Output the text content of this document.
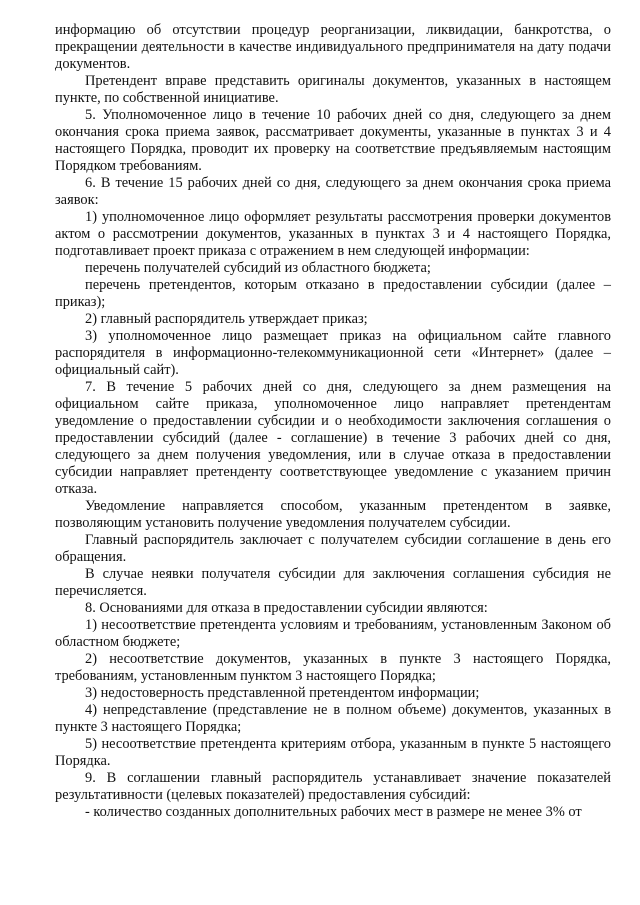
информацию об отсутствии процедур реорганизации, ликвидации, банкротства, о прекращении деятельности в качестве индивидуального предпринимателя на дату подачи документов.

Претендент вправе представить оригиналы документов, указанных в настоящем пункте, по собственной инициативе.

5. Уполномоченное лицо в течение 10 рабочих дней со дня, следующего за днем окончания срока приема заявок, рассматривает документы, указанные в пунктах 3 и 4 настоящего Порядка, проводит их проверку на соответствие предъявляемым настоящим Порядком требованиям.

6. В течение 15 рабочих дней со дня, следующего за днем окончания срока приема заявок:

1) уполномоченное лицо оформляет результаты рассмотрения проверки документов актом о рассмотрении документов, указанных в пунктах 3 и 4 настоящего Порядка, подготавливает проект приказа с отражением в нем следующей информации:

перечень получателей субсидий из областного бюджета;

перечень претендентов, которым отказано в предоставлении субсидии (далее – приказ);

2) главный распорядитель утверждает приказ;

3) уполномоченное лицо размещает приказ на официальном сайте главного распорядителя в информационно-телекоммуникационной сети «Интернет» (далее – официальный сайт).

7. В течение 5 рабочих дней со дня, следующего за днем размещения на официальном сайте приказа, уполномоченное лицо направляет претендентам уведомление о предоставлении субсидии и о необходимости заключения соглашения о предоставлении субсидий (далее - соглашение) в течение 3 рабочих дней со дня, следующего за днем получения уведомления, или в случае отказа в предоставлении субсидии направляет претенденту соответствующее уведомление с указанием причин отказа.

Уведомление направляется способом, указанным претендентом в заявке, позволяющим установить получение уведомления получателем субсидии.

Главный распорядитель заключает с получателем субсидии соглашение в день его обращения.

В случае неявки получателя субсидии для заключения соглашения субсидия не перечисляется.

8. Основаниями для отказа в предоставлении субсидии являются:

1) несоответствие претендента условиям и требованиям, установленным Законом об областном бюджете;

2) несоответствие документов, указанных в пункте 3 настоящего Порядка, требованиям, установленным пунктом 3 настоящего Порядка;

3) недостоверность представленной претендентом информации;

4) непредставление (представление не в полном объеме) документов, указанных в пункте 3 настоящего Порядка;

5) несоответствие претендента критериям отбора, указанным в пункте 5 настоящего Порядка.

9. В соглашении главный распорядитель устанавливает значение показателей результативности (целевых показателей) предоставления субсидий:

- количество созданных дополнительных рабочих мест в размере не менее 3% от
